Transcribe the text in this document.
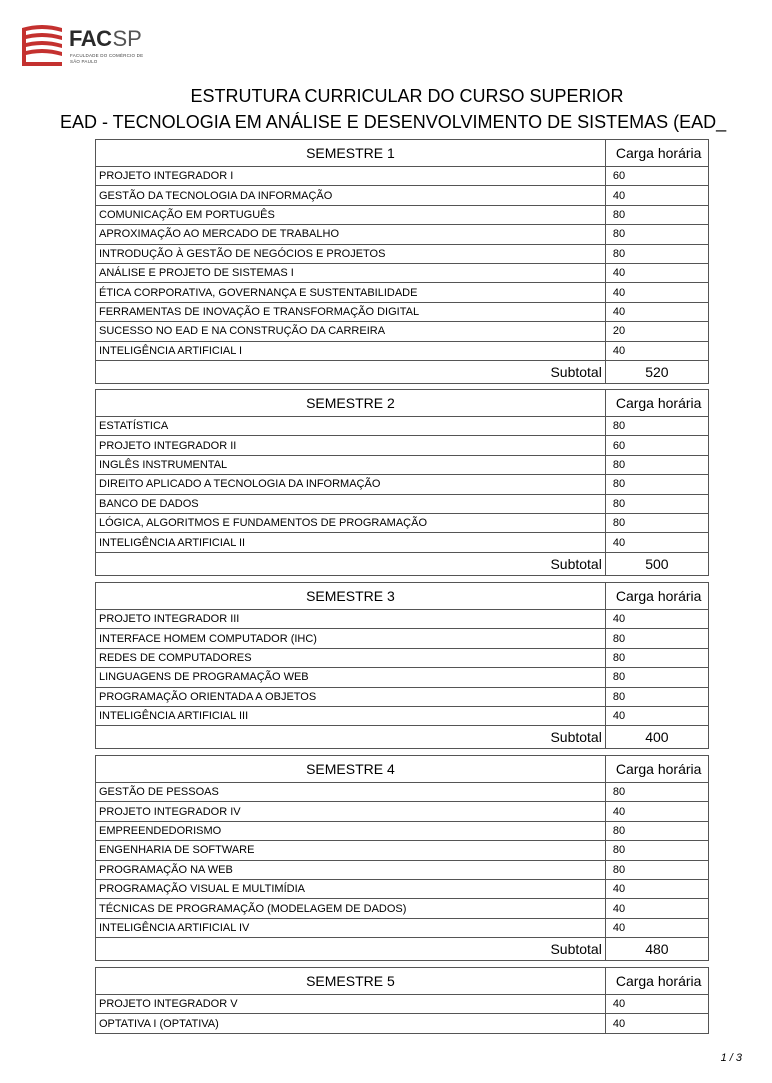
FACSP
FACULDADE DO COMÉRCIO DE SÃO PAULO
ESTRUTURA CURRICULAR DO CURSO SUPERIOR
EAD - TECNOLOGIA EM ANÁLISE E DESENVOLVIMENTO DE SISTEMAS (EAD_
SEMESTRE 1	Carga horária
PROJETO INTEGRADOR I	60
GESTÃO DA TECNOLOGIA DA INFORMAÇÃO	40
COMUNICAÇÃO EM PORTUGUÊS	80
APROXIMAÇÃO AO MERCADO DE TRABALHO	80
INTRODUÇÃO À GESTÃO DE NEGÓCIOS E PROJETOS	80
ANÁLISE E PROJETO DE SISTEMAS I	40
ÉTICA CORPORATIVA, GOVERNANÇA E SUSTENTABILIDADE	40
FERRAMENTAS DE INOVAÇÃO E TRANSFORMAÇÃO DIGITAL	40
SUCESSO NO EAD E NA CONSTRUÇÃO DA CARREIRA	20
INTELIGÊNCIA ARTIFICIAL I	40
Subtotal	520
SEMESTRE 2	Carga horária
ESTATÍSTICA	80
PROJETO INTEGRADOR II	60
INGLÊS INSTRUMENTAL	80
DIREITO APLICADO A TECNOLOGIA DA INFORMAÇÃO	80
BANCO DE DADOS	80
LÓGICA, ALGORITMOS E FUNDAMENTOS DE PROGRAMAÇÃO	80
INTELIGÊNCIA ARTIFICIAL II	40
Subtotal	500
SEMESTRE 3	Carga horária
PROJETO INTEGRADOR III	40
INTERFACE HOMEM COMPUTADOR (IHC)	80
REDES DE COMPUTADORES	80
LINGUAGENS DE PROGRAMAÇÃO WEB	80
PROGRAMAÇÃO ORIENTADA A OBJETOS	80
INTELIGÊNCIA ARTIFICIAL III	40
Subtotal	400
SEMESTRE 4	Carga horária
GESTÃO DE PESSOAS	80
PROJETO INTEGRADOR IV	40
EMPREENDEDORISMO	80
ENGENHARIA DE SOFTWARE	80
PROGRAMAÇÃO NA WEB	80
PROGRAMAÇÃO VISUAL E MULTIMÍDIA	40
TÉCNICAS DE PROGRAMAÇÃO (MODELAGEM DE DADOS)	40
INTELIGÊNCIA ARTIFICIAL IV	40
Subtotal	480
SEMESTRE 5	Carga horária
PROJETO INTEGRADOR V	40
OPTATIVA I (OPTATIVA)	40
1 / 3
